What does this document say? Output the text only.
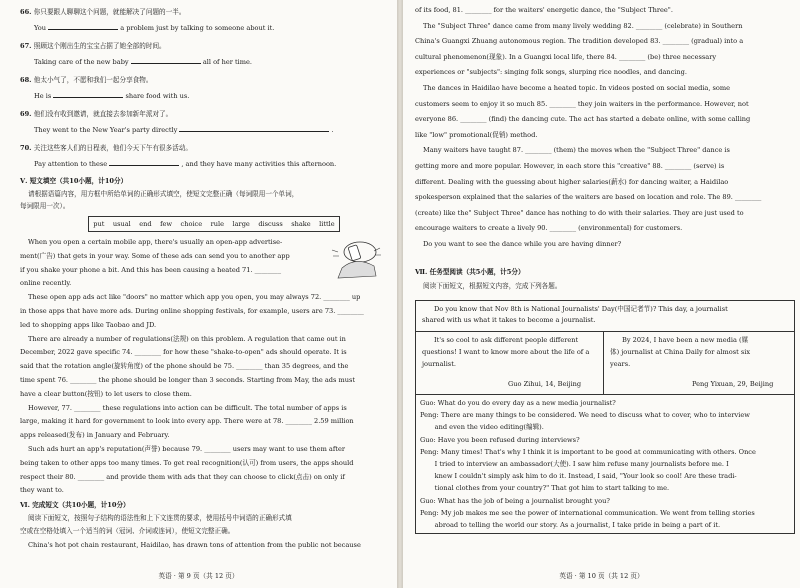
66. 你只要跟人聊聊这个问题，就能解决了问题的一半。
You	a problem just by talking to someone about it.
67. 照顾这个刚出生的宝宝占据了她全部的时间。
Taking care of the new baby	all of her time.
68. 他太小气了，不愿和我们一起分享食物。
He is	share food with us.
69. 他们没有收到邀请，就直接去参加新年派对了。
They went to the New Year's party directly	.
70. 关注这些客人们的日程表，他们今天下午有很多活动。
Pay attention to these	, and they have many activities this afternoon.
Ⅴ. 短文填空（共10小题，计10分）
请根据语篇内容，用方框中所给单词的正确形式填空，使短文完整正确（每词限用一个单词，
每词限用一次）。
put usual end few choice rule large discuss shake little
When you open a certain mobile app, there's usually an open-app advertise-
ment(广告) that gets in your way. Some of these ads can send you to another app
if you shake your phone a bit. And this has been causing a heated 71. ________
online recently.
These open app ads act like "doors" no matter which app you open, you may always 72. ________ up
in those apps that have more ads. During online shopping festivals, for example, users are 73. ________
led to shopping apps like Taobao and JD.
There are already a number of regulations(法规) on this problem. A regulation that came out in
December, 2022 gave specific 74. ________ for how these "shake-to-open" ads should operate. It is
said that the rotation angle(旋转角度) of the phone should be 75. ________ than 35 degrees, and the
time spent 76. ________ the phone should be longer than 3 seconds. Starting from May, the ads must
have a clear button(按钮) to let users to close them.
However, 77. ________ these regulations into action can be difficult. The total number of apps is
large, making it hard for government to look into every app. There were at 78. ________ 2.59 million
apps released(发布) in January and February.
Such ads hurt an app's reputation(声誉) because 79. ________ users may want to use them after
being taken to other apps too many times. To get real recognition(认可) from users, the apps should
respect their 80. ________ and provide them with ads that they can choose to click(点击) on only if
they want to.
Ⅵ. 完成短文（共10小题，计10分）
阅读下面短文，按照句子结构的语法性和上下文连贯的要求，使用括号中词语的正确形式填
空或在空格处填入一个适当的词（冠词、介词或连词），使短文完整正确。
China's hot pot chain restaurant, Haidilao, has drawn tons of attention from the public not because
英语 · 第 9 页（共 12 页）
of its food, 81. ________ for the waiters' energetic dance, the "Subject Three".
The "Subject Three" dance came from many lively wedding 82. ________ (celebrate) in Southern
China's Guangxi Zhuang autonomous region. The tradition developed 83. ________ (gradual) into a
cultural phenomenon(现象). In a Guangxi local life, there 84. ________ (be) three necessary
experiences or "subjects": singing folk songs, slurping rice noodles, and dancing.
The dances in Haidilao have become a heated topic. In videos posted on social media, some
customers seem to enjoy it so much 85. ________ they join waiters in the performance. However, not
everyone 86. ________ (find) the dancing cute. The act has started a debate online, with some calling
like "low" promotional(促销) method.
Many waiters have taught 87. ________ (them) the moves when the "Subject Three" dance is
getting more and more popular. However, in each store this "creative" 88. ________ (serve) is
different. Dealing with the guessing about higher salaries(薪水) for dancing waiter, a Haidilao
spokesperson explained that the salaries of the waiters are based on location and role. The 89. ________
(create) like the" Subject Three" dance has nothing to do with their salaries. They are just used to
encourage waiters to create a lively 90. ________ (environmental) for customers.
Do you want to see the dance while you are having dinner?
Ⅶ. 任务型阅读（共5小题，计5分）
阅读下面短文，根据短文内容，完成下列各题。
Do you know that Nov 8th is National Journalists' Day(中国记者节)? This day, a journalist
shared with us what it takes to become a journalist.
It's so cool to ask different people different
questions! I want to know more about the life of a
journalist.
Guo Zihui, 14, Beijing
By 2024, I have been a new media (媒
体) journalist at China Daily for almost six
years.
Peng Yixuan, 29, Beijing
Guo: What do you do every day as a new media journalist?
Peng: There are many things to be considered. We need to discuss what to cover, who to interview
and even the video editing(编辑).
Guo: Have you been refused during interviews?
Peng: Many times! That's why I think it is important to be good at communicating with others. Once
I tried to interview an ambassador(大使). I saw him refuse many journalists before me. I
knew I couldn't simply ask him to do it. Instead, I said, "Your look so cool! Are these tradi-
tional clothes from your country?" That got him to start talking to me.
Guo: What has the job of being a journalist brought you?
Peng: My job makes me see the power of international communication. We went from telling stories
abroad to telling the world our story. As a journalist, I take pride in being a part of it.
英语 · 第 10 页（共 12 页）
